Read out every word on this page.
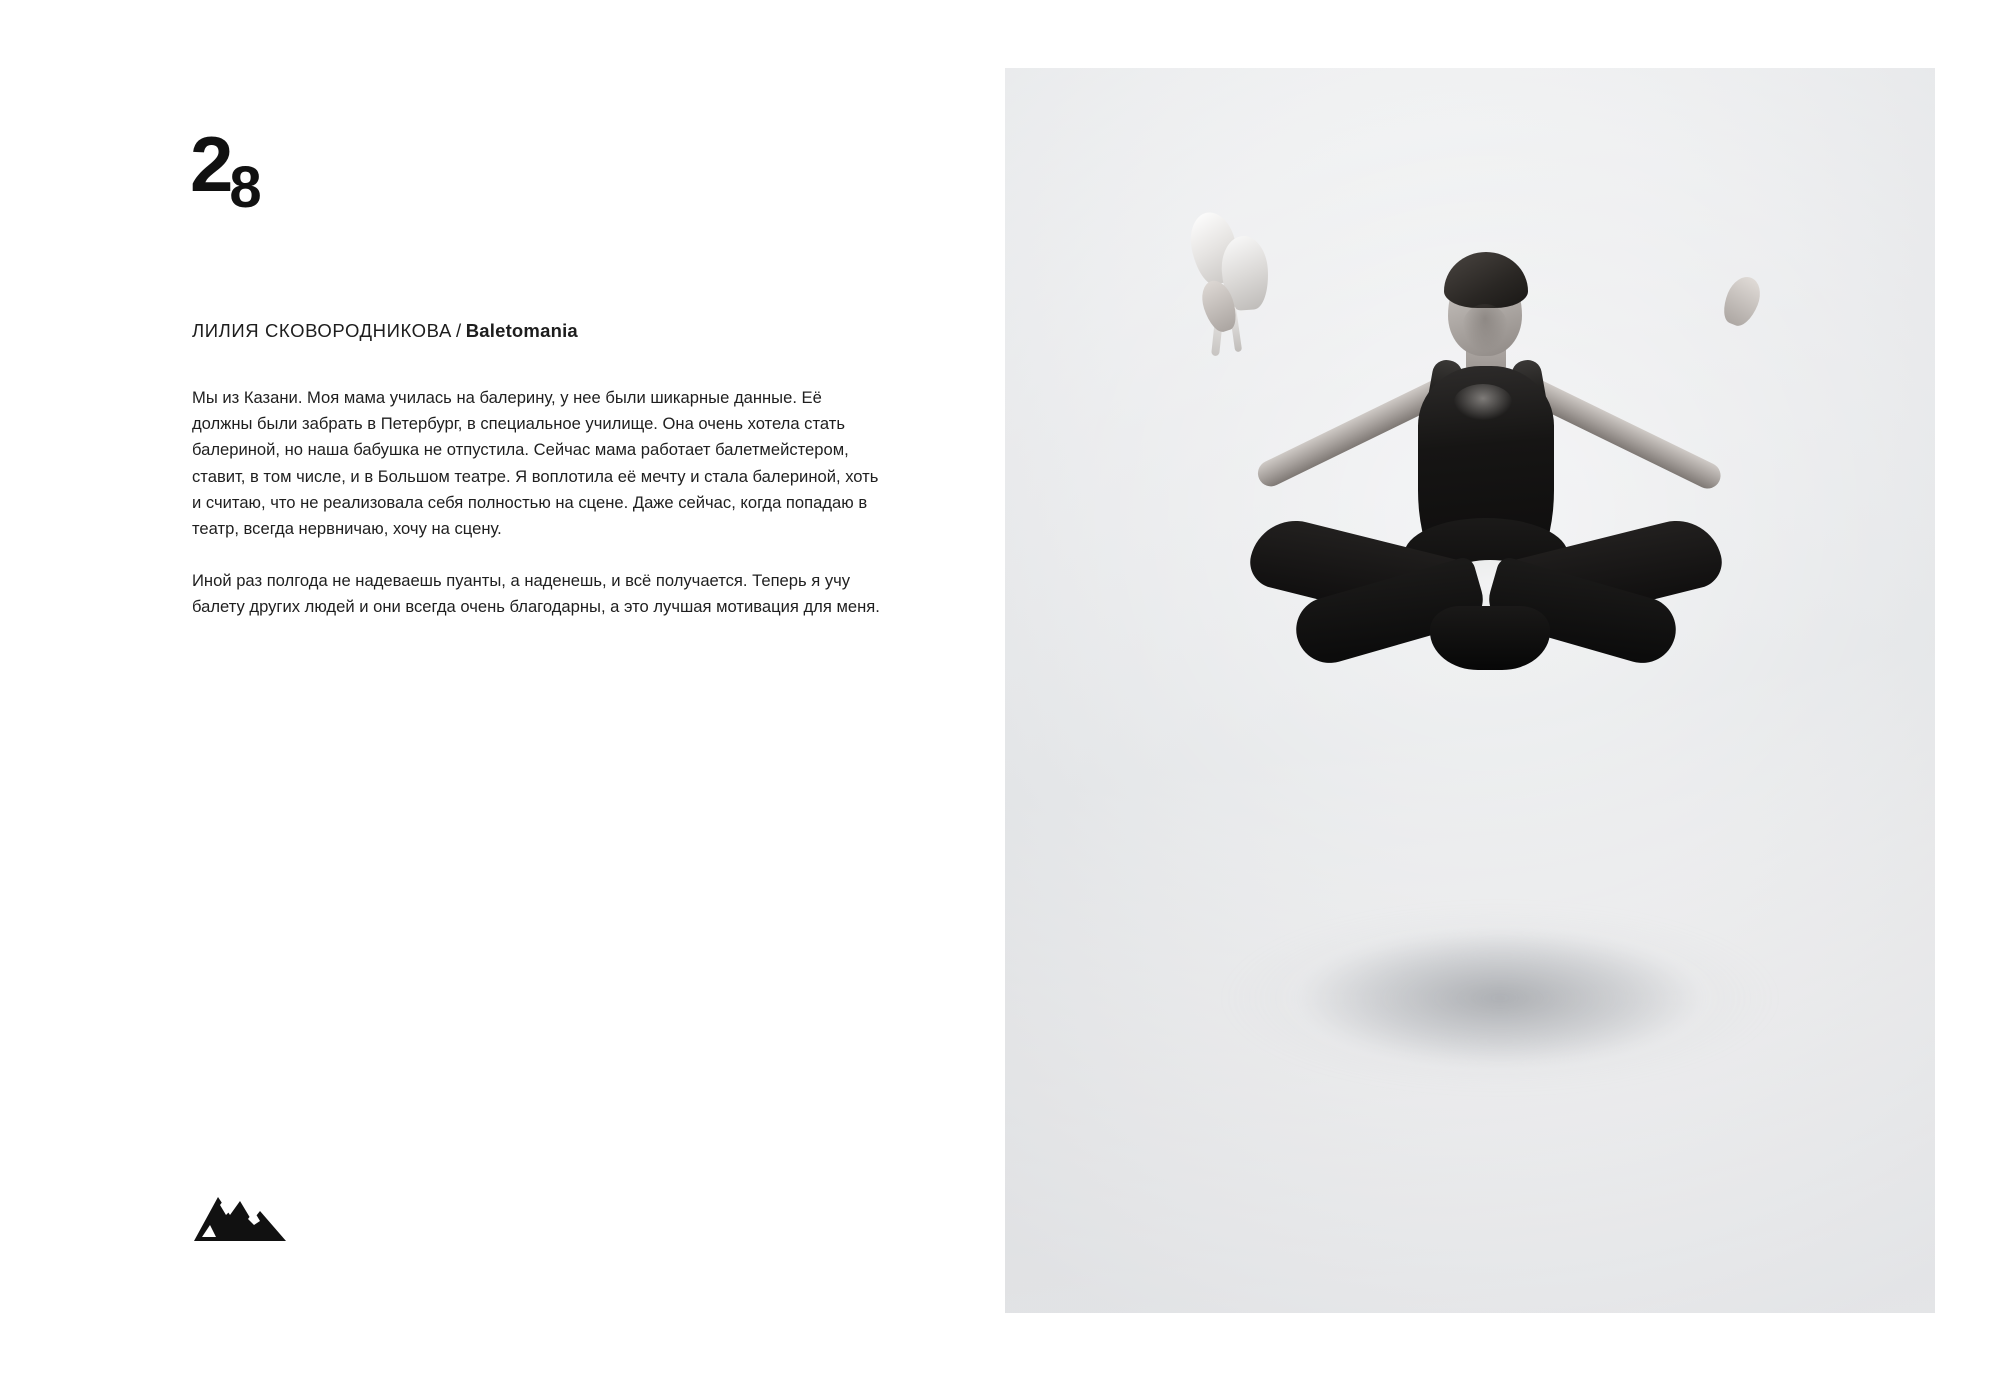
28
ЛИЛИЯ СКОВОРОДНИКОВА / Baletomania

Мы из Казани. Моя мама училась на балерину, у нее были шикарные данные. Её должны были забрать в Петербург, в специальное училище. Она очень хотела стать балериной, но наша бабушка не отпустила. Сейчас мама работает балетмейстером, ставит, в том числе, и в Большом театре. Я воплотила её мечту и стала балериной, хоть и считаю, что не реализовала себя полностью на сцене. Даже сейчас, когда попадаю в театр, всегда нервничаю, хочу на сцену.

Иной раз полгода не надеваешь пуанты, а наденешь, и всё получается. Теперь я учу балету других людей и они всегда очень благодарны, а это лучшая мотивация для меня.
